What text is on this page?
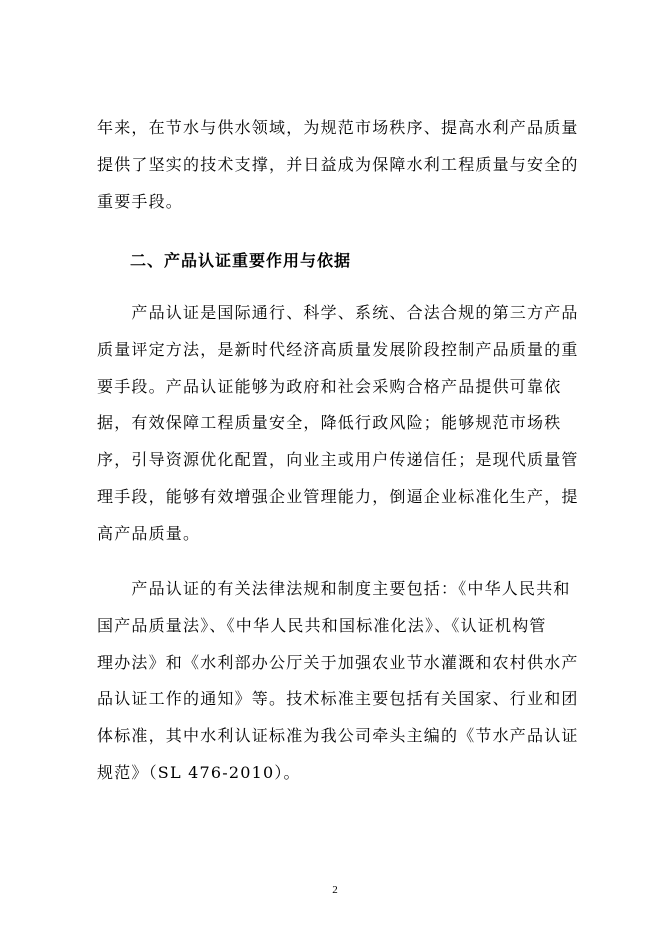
年来，在节水与供水领域，为规范市场秩序、提高水利产品质量
提供了坚实的技术支撑，并日益成为保障水利工程质量与安全的
重要手段。
二、产品认证重要作用与依据
　　产品认证是国际通行、科学、系统、合法合规的第三方产品
质量评定方法，是新时代经济高质量发展阶段控制产品质量的重
要手段。产品认证能够为政府和社会采购合格产品提供可靠依
据，有效保障工程质量安全，降低行政风险；能够规范市场秩
序，引导资源优化配置，向业主或用户传递信任；是现代质量管
理手段，能够有效增强企业管理能力，倒逼企业标准化生产，提
高产品质量。
　　产品认证的有关法律法规和制度主要包括：《中华人民共和
国产品质量法》、《中华人民共和国标准化法》、《认证机构管
理办法》和《水利部办公厅关于加强农业节水灌溉和农村供水产
品认证工作的通知》等。技术标准主要包括有关国家、行业和团
体标准，其中水利认证标准为我公司牵头主编的《节水产品认证
规范》（SL 476-2010）。
2
